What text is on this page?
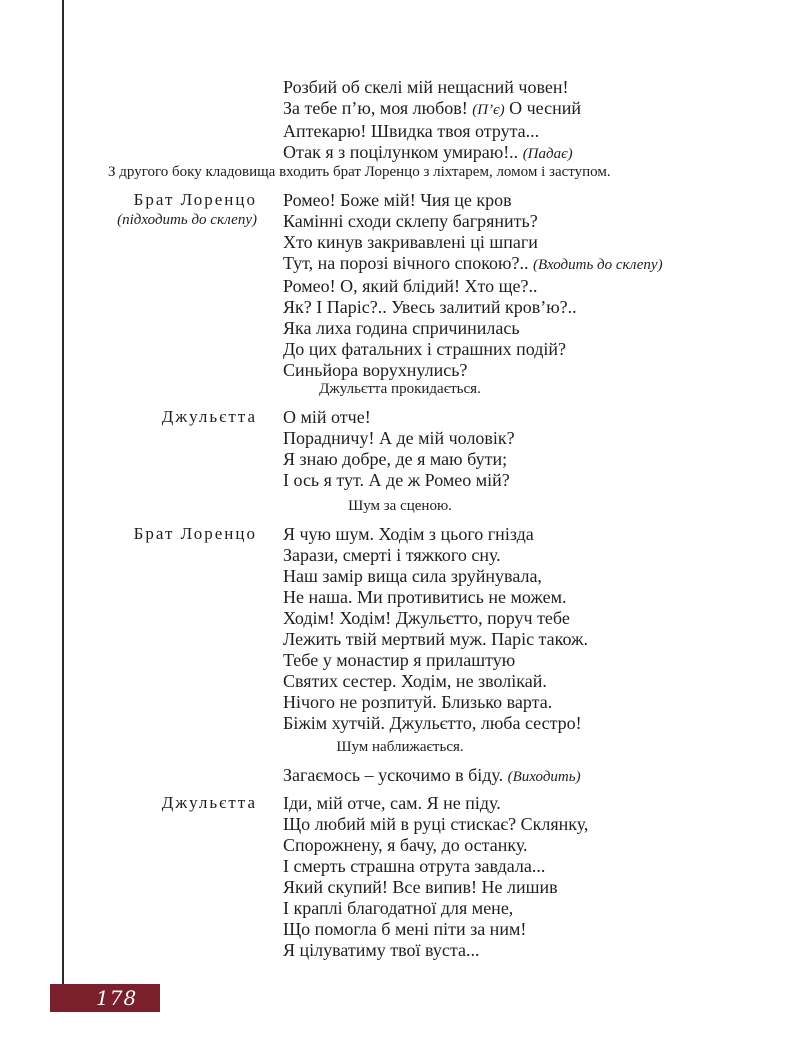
Розбий об скелі мій нещасний човен!
За тебе п’ю, моя любов! (П’є) О чесний
Аптекарю! Швидка твоя отрута...
Отак я з поцілунком умираю!.. (Падає)
З другого боку кладовища входить брат Лоренцо з ліхтарем, ломом і заступом.
Брат Лоренцо
(підходить до склепу)
Ромео! Боже мій! Чия це кров
Камінні сходи склепу багрянить?
Хто кинув закривавлені ці шпаги
Тут, на порозі вічного спокою?.. (Входить до склепу)
Ромео! О, який блідий! Хто ще?..
Як? І Паріс?.. Увесь залитий кров’ю?..
Яка лиха година спричинилась
До цих фатальних і страшних подій?
Синьйора ворухнулись?
Джульєтта прокидається.
Джульєтта О мій отче!
Порадничу! А де мій чоловік?
Я знаю добре, де я маю бути;
І ось я тут. А де ж Ромео мій?
Шум за сценою.
Брат Лоренцо Я чую шум. Ходім з цього гнізда
Зарази, смерті і тяжкого сну.
Наш замір вища сила зруйнувала,
Не наша. Ми противитись не можем.
Ходім! Ходім! Джульєтто, поруч тебе
Лежить твій мертвий муж. Паріс також.
Тебе у монастир я прилаштую
Святих сестер. Ходім, не зволікай.
Нічого не розпитуй. Близько варта.
Біжім хутчій. Джульєтто, люба сестро!
Шум наближається.
Загаємось – ускочимо в біду. (Виходить)
Джульєтта Іди, мій отче, сам. Я не піду.
Що любий мій в руці стискає? Склянку,
Спорожнену, я бачу, до останку.
І смерть страшна отрута завдала...
Який скупий! Все випив! Не лишив
І краплі благодатної для мене,
Що помогла б мені піти за ним!
Я цілуватиму твої вуста...
178
